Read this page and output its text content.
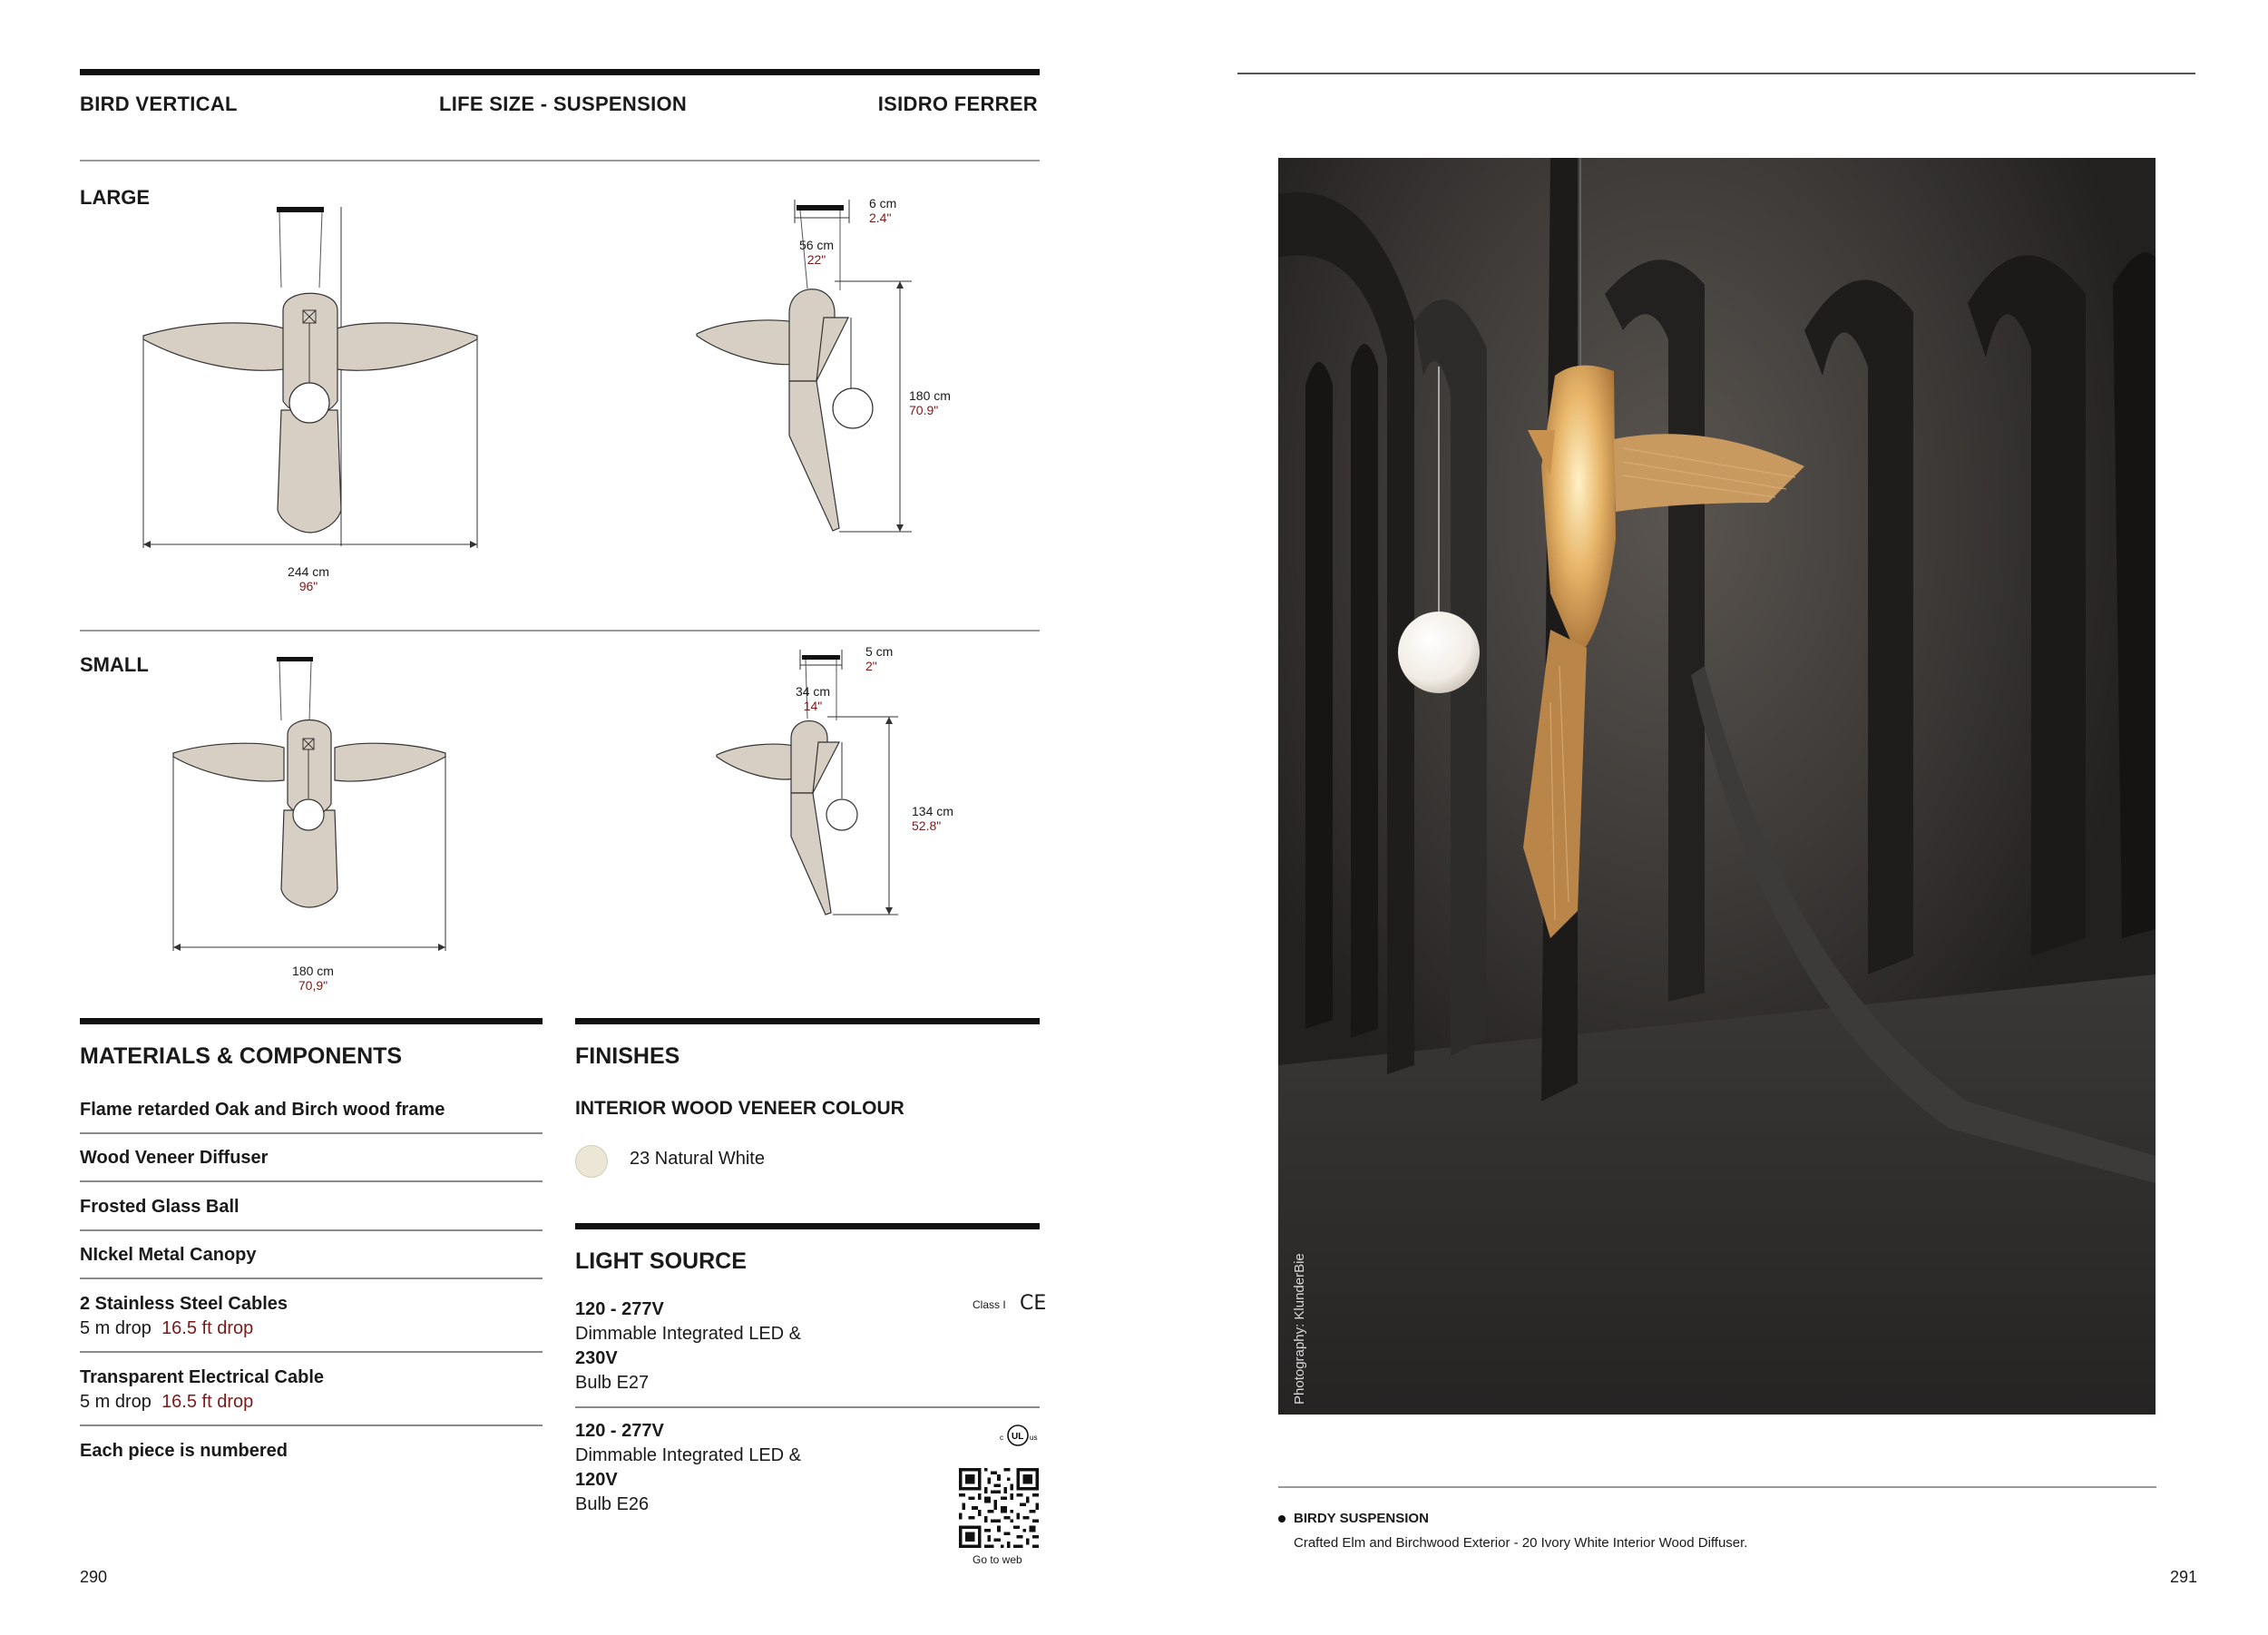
BIRD VERTICAL	LIFE SIZE - SUSPENSION	ISIDRO FERRER
LARGE
244 cm
96"
6 cm
2.4"
56 cm
22"
180 cm
70.9"
SMALL
180 cm
70,9"
5 cm
2"
34 cm
14"
134 cm
52.8"
MATERIALS & COMPONENTS
Flame retarded Oak and Birch wood frame
Wood Veneer Diffuser
Frosted Glass Ball
NIckel Metal Canopy
2 Stainless Steel Cables
5 m drop 16.5 ft drop
Transparent Electrical Cable
5 m drop 16.5 ft drop
Each piece is numbered
FINISHES
INTERIOR WOOD VENEER COLOUR
23 Natural White
LIGHT SOURCE
120 - 277V
Dimmable Integrated LED &
230V
Bulb E27
Class I CE
120 - 277V
Dimmable Integrated LED &
120V
Bulb E26
c UL us
Go to web
290
Photography: KlunderBie
BIRDY SUSPENSION
Crafted Elm and Birchwood Exterior - 20 Ivory White Interior Wood Diffuser.
291
